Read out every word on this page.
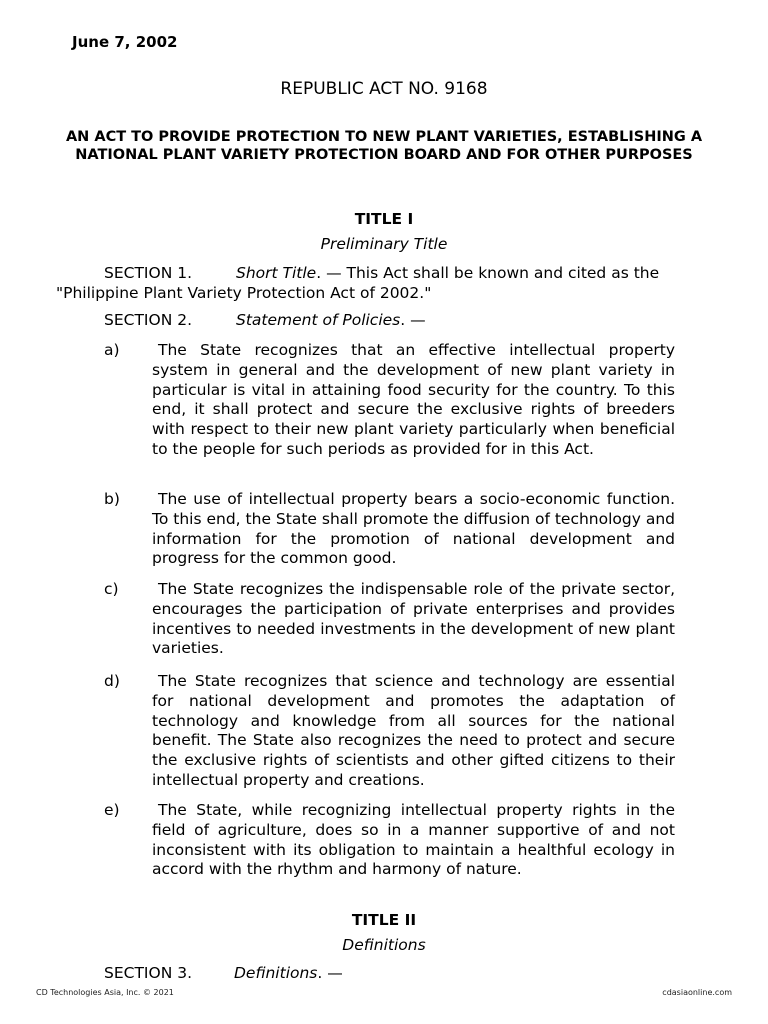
June 7, 2002
REPUBLIC ACT NO. 9168
AN ACT TO PROVIDE PROTECTION TO NEW PLANT VARIETIES, ESTABLISHING A NATIONAL PLANT VARIETY PROTECTION BOARD AND FOR OTHER PURPOSES
TITLE I
Preliminary Title
SECTION 1.	Short Title. — This Act shall be known and cited as the "Philippine Plant Variety Protection Act of 2002."
SECTION 2.	Statement of Policies. —
a)	The State recognizes that an effective intellectual property system in general and the development of new plant variety in particular is vital in attaining food security for the country. To this end, it shall protect and secure the exclusive rights of breeders with respect to their new plant variety particularly when beneficial to the people for such periods as provided for in this Act.
b)	The use of intellectual property bears a socio-economic function. To this end, the State shall promote the diffusion of technology and information for the promotion of national development and progress for the common good.
c)	The State recognizes the indispensable role of the private sector, encourages the participation of private enterprises and provides incentives to needed investments in the development of new plant varieties.
d)	The State recognizes that science and technology are essential for national development and promotes the adaptation of technology and knowledge from all sources for the national benefit. The State also recognizes the need to protect and secure the exclusive rights of scientists and other gifted citizens to their intellectual property and creations.
e)	The State, while recognizing intellectual property rights in the field of agriculture, does so in a manner supportive of and not inconsistent with its obligation to maintain a healthful ecology in accord with the rhythm and harmony of nature.
TITLE II
Definitions
SECTION 3.	Definitions. —
CD Technologies Asia, Inc. © 2021	cdasiaonline.com
